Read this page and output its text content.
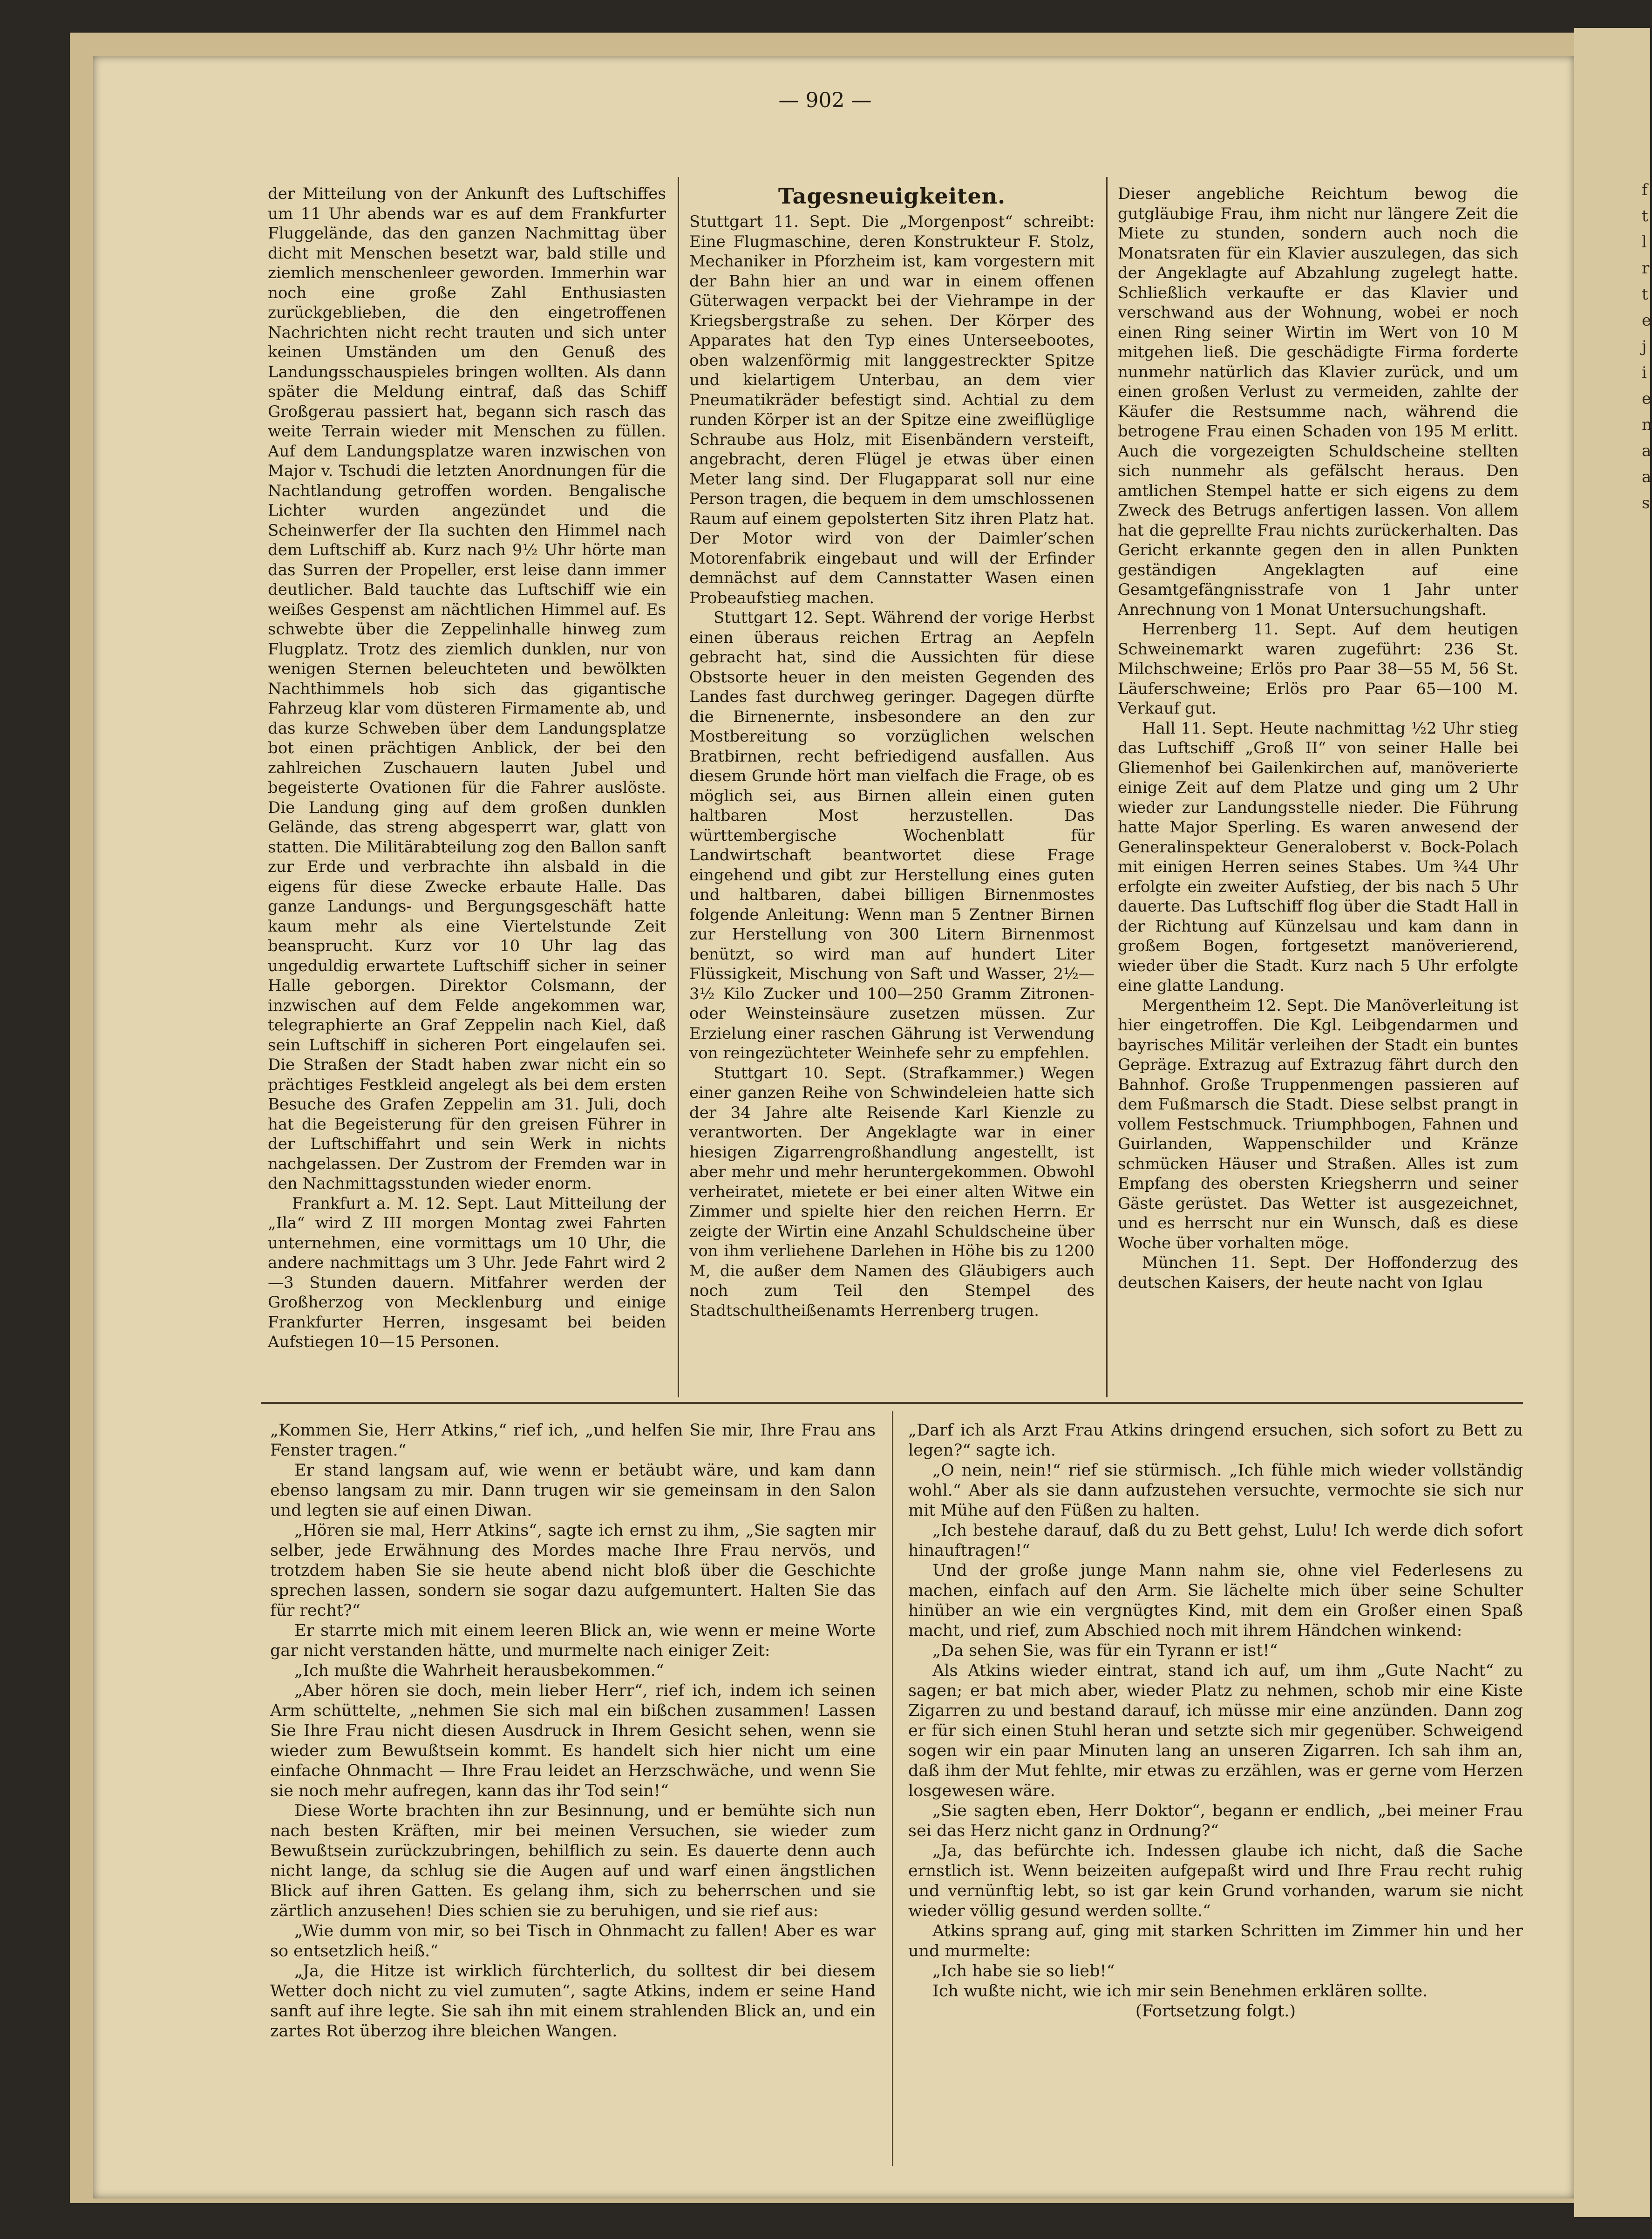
— 902 —

der Mitteilung von der Ankunft des Luftschiffes um 11 Uhr abends war es auf dem Frankfurter Fluggelände, das den ganzen Nachmittag über dicht mit Menschen besetzt war, bald stille und ziemlich menschenleer geworden. Immerhin war noch eine große Zahl Enthusiasten zurückgeblieben, die den eingetroffenen Nachrichten nicht recht trauten und sich unter keinen Umständen um den Genuß des Landungsschauspieles bringen wollten. Als dann später die Meldung eintraf, daß das Schiff Großgerau passiert hat, begann sich rasch das weite Terrain wieder mit Menschen zu füllen. Auf dem Landungsplatze waren inzwischen von Major v. Tschudi die letzten Anordnungen für die Nachtlandung getroffen worden. Bengalische Lichter wurden angezündet und die Scheinwerfer der Ila suchten den Himmel nach dem Luftschiff ab. Kurz nach 9½ Uhr hörte man das Surren der Propeller, erst leise dann immer deutlicher. Bald tauchte das Luftschiff wie ein weißes Gespenst am nächtlichen Himmel auf. Es schwebte über die Zeppelinhalle hinweg zum Flugplatz. Trotz des ziemlich dunklen, nur von wenigen Sternen beleuchteten und bewölkten Nachthimmels hob sich das gigantische Fahrzeug klar vom düsteren Firmamente ab, und das kurze Schweben über dem Landungsplatze bot einen prächtigen Anblick, der bei den zahlreichen Zuschauern lauten Jubel und begeisterte Ovationen für die Fahrer auslöste. Die Landung ging auf dem großen dunklen Gelände, das streng abgesperrt war, glatt von statten. Die Militärabteilung zog den Ballon sanft zur Erde und verbrachte ihn alsbald in die eigens für diese Zwecke erbaute Halle. Das ganze Landungs- und Bergungsgeschäft hatte kaum mehr als eine Viertelstunde Zeit beansprucht. Kurz vor 10 Uhr lag das ungeduldig erwartete Luftschiff sicher in seiner Halle geborgen. Direktor Colsmann, der inzwischen auf dem Felde angekommen war, telegraphierte an Graf Zeppelin nach Kiel, daß sein Luftschiff in sicheren Port eingelaufen sei. Die Straßen der Stadt haben zwar nicht ein so prächtiges Festkleid angelegt als bei dem ersten Besuche des Grafen Zeppelin am 31. Juli, doch hat die Begeisterung für den greisen Führer in der Luftschiffahrt und sein Werk in nichts nachgelassen. Der Zustrom der Fremden war in den Nachmittagsstunden wieder enorm.

Frankfurt a. M. 12. Sept. Laut Mitteilung der „Ila“ wird Z III morgen Montag zwei Fahrten unternehmen, eine vormittags um 10 Uhr, die andere nachmittags um 3 Uhr. Jede Fahrt wird 2—3 Stunden dauern. Mitfahrer werden der Großherzog von Mecklenburg und einige Frankfurter Herren, insgesamt bei beiden Aufstiegen 10—15 Personen.

Tagesneuigkeiten.

Stuttgart 11. Sept. Die „Morgenpost“ schreibt: Eine Flugmaschine, deren Konstrukteur F. Stolz, Mechaniker in Pforzheim ist, kam vorgestern mit der Bahn hier an und war in einem offenen Güterwagen verpackt bei der Viehrampe in der Kriegsbergstraße zu sehen. Der Körper des Apparates hat den Typ eines Unterseebootes, oben walzenförmig mit langgestreckter Spitze und kielartigem Unterbau, an dem vier Pneumatikräder befestigt sind. Achtial zu dem runden Körper ist an der Spitze eine zweiflüglige Schraube aus Holz, mit Eisenbändern versteift, angebracht, deren Flügel je etwas über einen Meter lang sind. Der Flugapparat soll nur eine Person tragen, die bequem in dem umschlossenen Raum auf einem gepolsterten Sitz ihren Platz hat. Der Motor wird von der Daimler’schen Motorenfabrik eingebaut und will der Erfinder demnächst auf dem Cannstatter Wasen einen Probeaufstieg machen.

Stuttgart 12. Sept. Während der vorige Herbst einen überaus reichen Ertrag an Aepfeln gebracht hat, sind die Aussichten für diese Obstsorte heuer in den meisten Gegenden des Landes fast durchweg geringer. Dagegen dürfte die Birnenernte, insbesondere an den zur Mostbereitung so vorzüglichen welschen Bratbirnen, recht befriedigend ausfallen. Aus diesem Grunde hört man vielfach die Frage, ob es möglich sei, aus Birnen allein einen guten haltbaren Most herzustellen. Das württembergische Wochenblatt für Landwirtschaft beantwortet diese Frage eingehend und gibt zur Herstellung eines guten und haltbaren, dabei billigen Birnenmostes folgende Anleitung: Wenn man 5 Zentner Birnen zur Herstellung von 300 Litern Birnenmost benützt, so wird man auf hundert Liter Flüssigkeit, Mischung von Saft und Wasser, 2½—3½ Kilo Zucker und 100—250 Gramm Zitronen- oder Weinsteinsäure zusetzen müssen. Zur Erzielung einer raschen Gährung ist Verwendung von reingezüchteter Weinhefe sehr zu empfehlen.

Stuttgart 10. Sept. (Strafkammer.) Wegen einer ganzen Reihe von Schwindeleien hatte sich der 34 Jahre alte Reisende Karl Kienzle zu verantworten. Der Angeklagte war in einer hiesigen Zigarrengroßhandlung angestellt, ist aber mehr und mehr heruntergekommen. Obwohl verheiratet, mietete er bei einer alten Witwe ein Zimmer und spielte hier den reichen Herrn. Er zeigte der Wirtin eine Anzahl Schuldscheine über von ihm verliehene Darlehen in Höhe bis zu 1200 M, die außer dem Namen des Gläubigers auch noch zum Teil den Stempel des Stadtschultheißenamts Herrenberg trugen.

Dieser angebliche Reichtum bewog die gutgläubige Frau, ihm nicht nur längere Zeit die Miete zu stunden, sondern auch noch die Monatsraten für ein Klavier auszulegen, das sich der Angeklagte auf Abzahlung zugelegt hatte. Schließlich verkaufte er das Klavier und verschwand aus der Wohnung, wobei er noch einen Ring seiner Wirtin im Wert von 10 M mitgehen ließ. Die geschädigte Firma forderte nunmehr natürlich das Klavier zurück, und um einen großen Verlust zu vermeiden, zahlte der Käufer die Restsumme nach, während die betrogene Frau einen Schaden von 195 M erlitt. Auch die vorgezeigten Schuldscheine stellten sich nunmehr als gefälscht heraus. Den amtlichen Stempel hatte er sich eigens zu dem Zweck des Betrugs anfertigen lassen. Von allem hat die geprellte Frau nichts zurückerhalten. Das Gericht erkannte gegen den in allen Punkten geständigen Angeklagten auf eine Gesamtgefängnisstrafe von 1 Jahr unter Anrechnung von 1 Monat Untersuchungshaft.

Herrenberg 11. Sept. Auf dem heutigen Schweinemarkt waren zugeführt: 236 St. Milchschweine; Erlös pro Paar 38—55 M, 56 St. Läuferschweine; Erlös pro Paar 65—100 M. Verkauf gut.

Hall 11. Sept. Heute nachmittag ½2 Uhr stieg das Luftschiff „Groß II“ von seiner Halle bei Gliemenhof bei Gailenkirchen auf, manöverierte einige Zeit auf dem Platze und ging um 2 Uhr wieder zur Landungsstelle nieder. Die Führung hatte Major Sperling. Es waren anwesend der Generalinspekteur Generaloberst v. Bock-Polach mit einigen Herren seines Stabes. Um ¾4 Uhr erfolgte ein zweiter Aufstieg, der bis nach 5 Uhr dauerte. Das Luftschiff flog über die Stadt Hall in der Richtung auf Künzelsau und kam dann in großem Bogen, fortgesetzt manöverierend, wieder über die Stadt. Kurz nach 5 Uhr erfolgte eine glatte Landung.

Mergentheim 12. Sept. Die Manöverleitung ist hier eingetroffen. Die Kgl. Leibgendarmen und bayrisches Militär verleihen der Stadt ein buntes Gepräge. Extrazug auf Extrazug fährt durch den Bahnhof. Große Truppenmengen passieren auf dem Fußmarsch die Stadt. Diese selbst prangt in vollem Festschmuck. Triumphbogen, Fahnen und Guirlanden, Wappenschilder und Kränze schmücken Häuser und Straßen. Alles ist zum Empfang des obersten Kriegsherrn und seiner Gäste gerüstet. Das Wetter ist ausgezeichnet, und es herrscht nur ein Wunsch, daß es diese Woche über vorhalten möge.

München 11. Sept. Der Hoffonderzug des deutschen Kaisers, der heute nacht von Iglau

„Kommen Sie, Herr Atkins,“ rief ich, „und helfen Sie mir, Ihre Frau ans Fenster tragen.“

Er stand langsam auf, wie wenn er betäubt wäre, und kam dann ebenso langsam zu mir. Dann trugen wir sie gemeinsam in den Salon und legten sie auf einen Diwan.

„Hören sie mal, Herr Atkins“, sagte ich ernst zu ihm, „Sie sagten mir selber, jede Erwähnung des Mordes mache Ihre Frau nervös, und trotzdem haben Sie sie heute abend nicht bloß über die Geschichte sprechen lassen, sondern sie sogar dazu aufgemuntert. Halten Sie das für recht?“

Er starrte mich mit einem leeren Blick an, wie wenn er meine Worte gar nicht verstanden hätte, und murmelte nach einiger Zeit:

„Ich mußte die Wahrheit herausbekommen.“

„Aber hören sie doch, mein lieber Herr“, rief ich, indem ich seinen Arm schüttelte, „nehmen Sie sich mal ein bißchen zusammen! Lassen Sie Ihre Frau nicht diesen Ausdruck in Ihrem Gesicht sehen, wenn sie wieder zum Bewußtsein kommt. Es handelt sich hier nicht um eine einfache Ohnmacht — Ihre Frau leidet an Herzschwäche, und wenn Sie sie noch mehr aufregen, kann das ihr Tod sein!“

Diese Worte brachten ihn zur Besinnung, und er bemühte sich nun nach besten Kräften, mir bei meinen Versuchen, sie wieder zum Bewußtsein zurückzubringen, behilflich zu sein. Es dauerte denn auch nicht lange, da schlug sie die Augen auf und warf einen ängstlichen Blick auf ihren Gatten. Es gelang ihm, sich zu beherrschen und sie zärtlich anzusehen! Dies schien sie zu beruhigen, und sie rief aus:

„Wie dumm von mir, so bei Tisch in Ohnmacht zu fallen! Aber es war so entsetzlich heiß.“

„Ja, die Hitze ist wirklich fürchterlich, du solltest dir bei diesem Wetter doch nicht zu viel zumuten“, sagte Atkins, indem er seine Hand sanft auf ihre legte. Sie sah ihn mit einem strahlenden Blick an, und ein zartes Rot überzog ihre bleichen Wangen.

„Darf ich als Arzt Frau Atkins dringend ersuchen, sich sofort zu Bett zu legen?“ sagte ich.

„O nein, nein!“ rief sie stürmisch. „Ich fühle mich wieder vollständig wohl.“ Aber als sie dann aufzustehen versuchte, vermochte sie sich nur mit Mühe auf den Füßen zu halten.

„Ich bestehe darauf, daß du zu Bett gehst, Lulu! Ich werde dich sofort hinauftragen!“

Und der große junge Mann nahm sie, ohne viel Federlesens zu machen, einfach auf den Arm. Sie lächelte mich über seine Schulter hinüber an wie ein vergnügtes Kind, mit dem ein Großer einen Spaß macht, und rief, zum Abschied noch mit ihrem Händchen winkend:

„Da sehen Sie, was für ein Tyrann er ist!“

Als Atkins wieder eintrat, stand ich auf, um ihm „Gute Nacht“ zu sagen; er bat mich aber, wieder Platz zu nehmen, schob mir eine Kiste Zigarren zu und bestand darauf, ich müsse mir eine anzünden. Dann zog er für sich einen Stuhl heran und setzte sich mir gegenüber. Schweigend sogen wir ein paar Minuten lang an unseren Zigarren. Ich sah ihm an, daß ihm der Mut fehlte, mir etwas zu erzählen, was er gerne vom Herzen losgewesen wäre.

„Sie sagten eben, Herr Doktor“, begann er endlich, „bei meiner Frau sei das Herz nicht ganz in Ordnung?“

„Ja, das befürchte ich. Indessen glaube ich nicht, daß die Sache ernstlich ist. Wenn beizeiten aufgepaßt wird und Ihre Frau recht ruhig und vernünftig lebt, so ist gar kein Grund vorhanden, warum sie nicht wieder völlig gesund werden sollte.“

Atkins sprang auf, ging mit starken Schritten im Zimmer hin und her und murmelte:

„Ich habe sie so lieb!“

Ich wußte nicht, wie ich mir sein Benehmen erklären sollte.

(Fortsetzung folgt.)

f
t
l
r
t
e
j
i
e
n
a
a
s
